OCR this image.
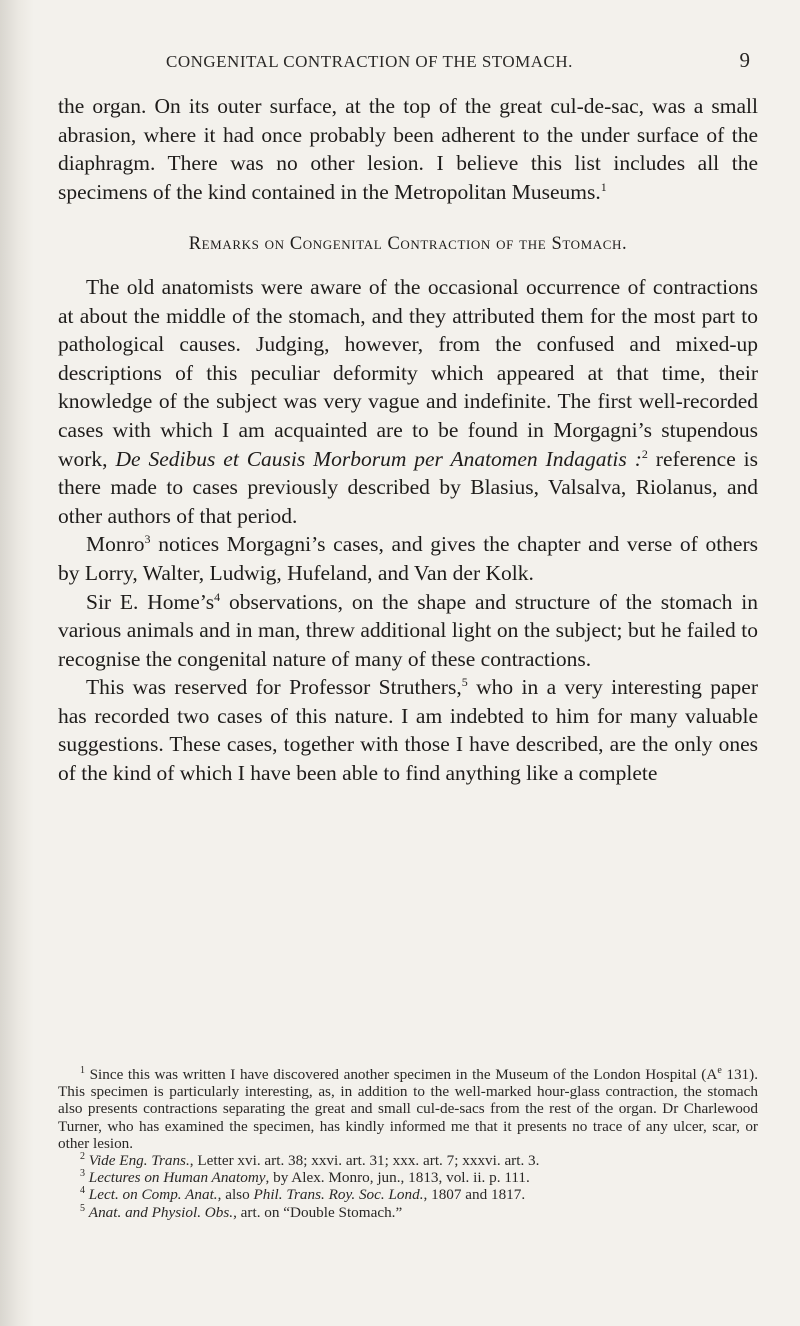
CONGENITAL CONTRACTION OF THE STOMACH.	9

the organ. On its outer surface, at the top of the great cul-de-sac, was a small abrasion, where it had once probably been adherent to the under surface of the diaphragm. There was no other lesion. I believe this list includes all the specimens of the kind contained in the Metropolitan Museums.$^1$

Remarks on Congenital Contraction of the Stomach.

The old anatomists were aware of the occasional occurrence of contractions at about the middle of the stomach, and they attributed them for the most part to pathological causes. Judging, however, from the confused and mixed-up descriptions of this peculiar deformity which appeared at that time, their knowledge of the subject was very vague and indefinite. The first well-recorded cases with which I am acquainted are to be found in Morgagni’s stupendous work, De Sedibus et Causis Morborum per Anatomen Indagatis :$^2$ reference is there made to cases previously described by Blasius, Valsalva, Riolanus, and other authors of that period.

Monro$^3$ notices Morgagni’s cases, and gives the chapter and verse of others by Lorry, Walter, Ludwig, Hufeland, and Van der Kolk.

Sir E. $Home’s^4$ observations, on the shape and structure of the stomach in various animals and in man, threw additional light on the subject; but he failed to recognise the congenital nature of many of these contractions.

This was reserved for Professor Struthers,$^5$ who in a very interesting paper has recorded two cases of this nature. I am indebted to him for many valuable suggestions. These cases, together with those I have described, are the only ones of the kind of which I have been able to find anything like a complete

$^1$ Since this was written I have discovered another specimen in the Museum of the London Hospital ($A^e$ 131). This specimen is particularly interesting, as, in addition to the well-marked hour-glass contraction, the stomach also presents contractions separating the great and small cul-de-sacs from the rest of the organ. Dr Charlewood Turner, who has examined the specimen, has kindly informed me that it presents no trace of any ulcer, scar, or other lesion.

$^2$ Vide Eng. Trans., Letter xvi. art. 38; xxvi. art. 31; xxx. art. 7; xxxvi. art. 3.

$^3$ Lectures on Human Anatomy, by Alex. Monro, jun., 1813, vol. ii. p. 111.

$^4$ Lect. on Comp. Anat., also Phil. Trans. Roy. Soc. Lond., 1807 and 1817.

$^5$ Anat. and Physiol. Obs., art. on “Double Stomach.”
